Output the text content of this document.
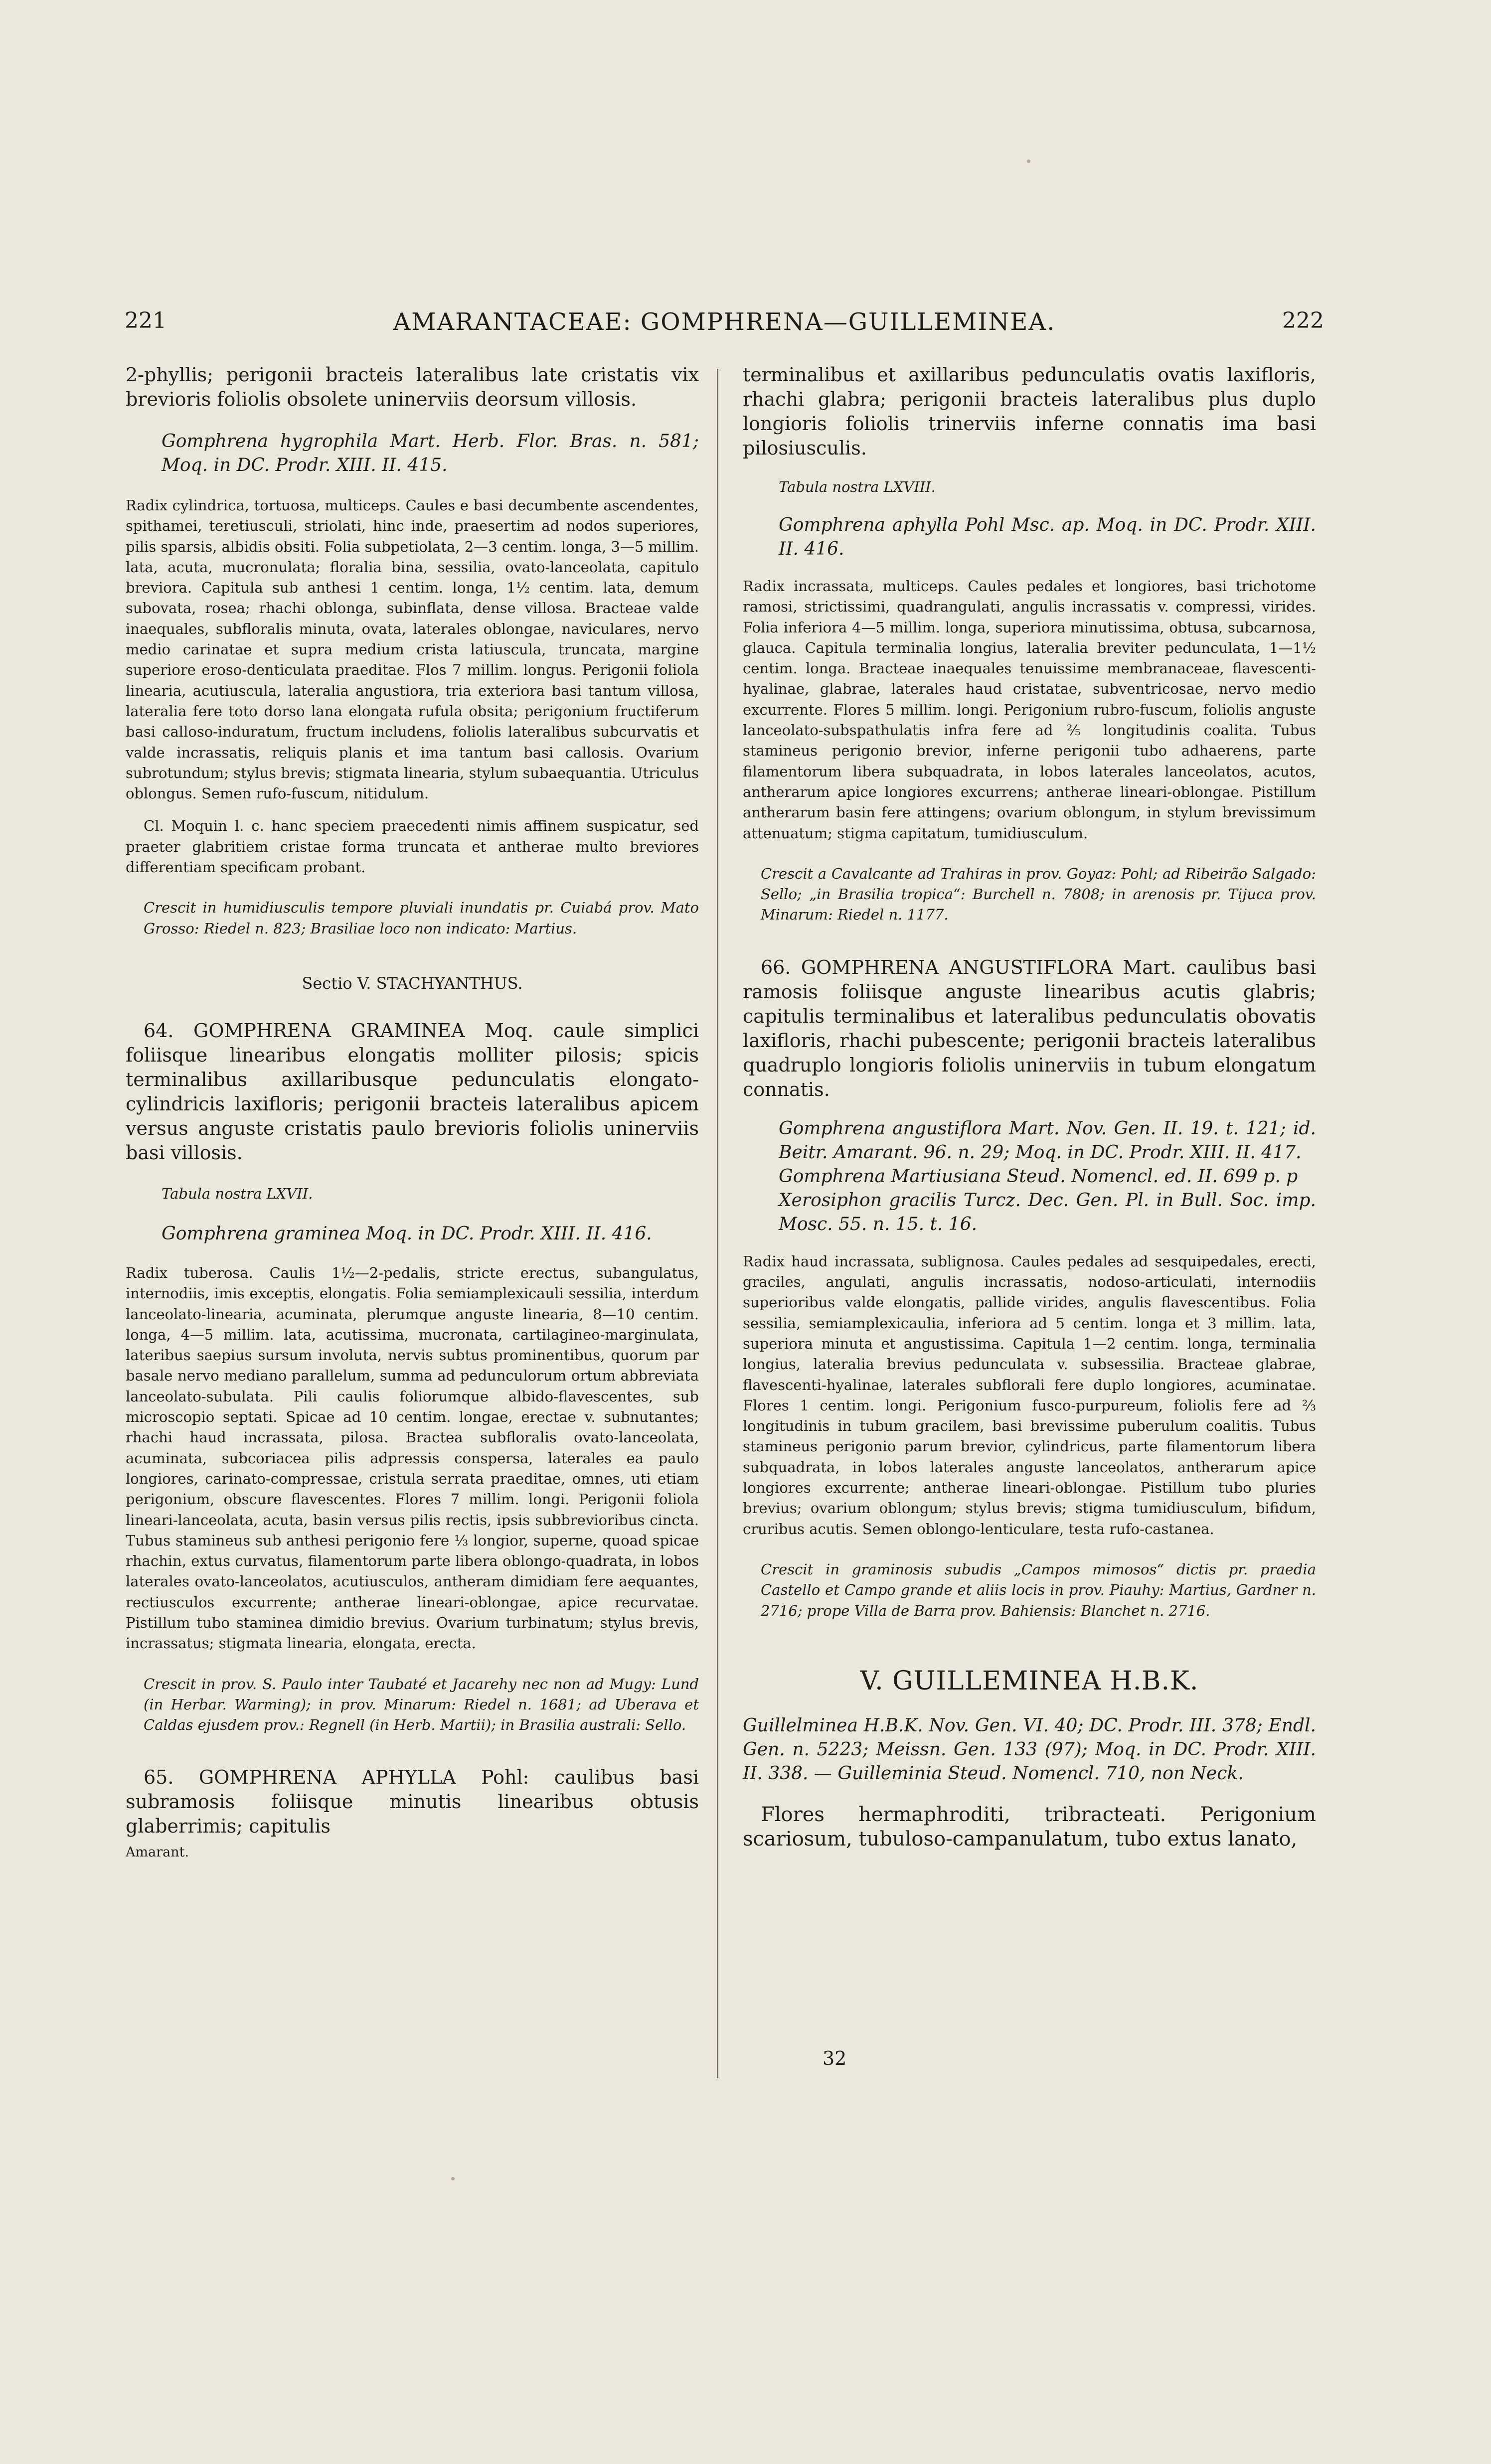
221	AMARANTACEAE: GOMPHRENA—GUILLEMINEA.	222

2-phyllis; perigonii bracteis lateralibus late cristatis vix brevioris foliolis obsolete uninerviis deorsum villosis.

Gomphrena hygrophila Mart. Herb. Flor. Bras. n. 581; Moq. in DC. Prodr. XIII. II. 415.

Radix cylindrica, tortuosa, multiceps. Caules e basi decumbente ascendentes, spithamei, teretiusculi, striolati, hinc inde, praesertim ad nodos superiores, pilis sparsis, albidis obsiti. Folia subpetiolata, 2—3 centim. longa, 3—5 millim. lata, acuta, mucronulata; floralia bina, sessilia, ovato-lanceolata, capitulo breviora. Capitula sub anthesi 1 centim. longa, 1½ centim. lata, demum subovata, rosea; rhachi oblonga, subinflata, dense villosa. Bracteae valde inaequales, subfloralis minuta, ovata, laterales oblongae, naviculares, nervo medio carinatae et supra medium crista latiuscula, truncata, margine superiore eroso-denticulata praeditae. Flos 7 millim. longus. Perigonii foliola linearia, acutiuscula, lateralia angustiora, tria exteriora basi tantum villosa, lateralia fere toto dorso lana elongata rufula obsita; perigonium fructiferum basi calloso-induratum, fructum includens, foliolis lateralibus subcurvatis et valde incrassatis, reliquis planis et ima tantum basi callosis. Ovarium subrotundum; stylus brevis; stigmata linearia, stylum subaequantia. Utriculus oblongus. Semen rufo-fuscum, nitidulum.

Cl. Moquin l. c. hanc speciem praecedenti nimis affinem suspicatur, sed praeter glabritiem cristae forma truncata et antherae multo breviores differentiam specificam probant.

Crescit in humidiusculis tempore pluviali inundatis pr. Cuiabá prov. Mato Grosso: Riedel n. 823; Brasiliae loco non indicato: Martius.

Sectio V. STACHYANTHUS.

64. GOMPHRENA GRAMINEA Moq. caule simplici foliisque linearibus elongatis molliter pilosis; spicis terminalibus axillaribusque pedunculatis elongato-cylindricis laxifloris; perigonii bracteis lateralibus apicem versus anguste cristatis paulo brevioris foliolis uninerviis basi villosis.

Tabula nostra LXVII.

Gomphrena graminea Moq. in DC. Prodr. XIII. II. 416.

Radix tuberosa. Caulis 1½—2-pedalis, stricte erectus, subangulatus, internodiis, imis exceptis, elongatis. Folia semiamplexicauli sessilia, interdum lanceolato-linearia, acuminata, plerumque anguste linearia, 8—10 centim. longa, 4—5 millim. lata, acutissima, mucronata, cartilagineo-marginulata, lateribus saepius sursum involuta, nervis subtus prominentibus, quorum par basale nervo mediano parallelum, summa ad pedunculorum ortum abbreviata lanceolato-subulata. Pili caulis foliorumque albido-flavescentes, sub microscopio septati. Spicae ad 10 centim. longae, erectae v. subnutantes; rhachi haud incrassata, pilosa. Bractea subfloralis ovato-lanceolata, acuminata, subcoriacea pilis adpressis conspersa, laterales ea paulo longiores, carinato-compressae, cristula serrata praeditae, omnes, uti etiam perigonium, obscure flavescentes. Flores 7 millim. longi. Perigonii foliola lineari-lanceolata, acuta, basin versus pilis rectis, ipsis subbrevioribus cincta. Tubus stamineus sub anthesi perigonio fere ⅓ longior, superne, quoad spicae rhachin, extus curvatus, filamentorum parte libera oblongo-quadrata, in lobos laterales ovato-lanceolatos, acutiusculos, antheram dimidiam fere aequantes, rectiusculos excurrente; antherae lineari-oblongae, apice recurvatae. Pistillum tubo staminea dimidio brevius. Ovarium turbinatum; stylus brevis, incrassatus; stigmata linearia, elongata, erecta.

Crescit in prov. S. Paulo inter Taubaté et Jacarehy nec non ad Mugy: Lund (in Herbar. Warming); in prov. Minarum: Riedel n. 1681; ad Uberava et Caldas ejusdem prov.: Regnell (in Herb. Martii); in Brasilia australi: Sello.

65. GOMPHRENA APHYLLA Pohl: caulibus basi subramosis foliisque minutis linearibus obtusis glaberrimis; capitulis

Amarant.

terminalibus et axillaribus pedunculatis ovatis laxifloris, rhachi glabra; perigonii bracteis lateralibus plus duplo longioris foliolis trinerviis inferne connatis ima basi pilosiusculis.

Tabula nostra LXVIII.

Gomphrena aphylla Pohl Msc. ap. Moq. in DC. Prodr. XIII. II. 416.

Radix incrassata, multiceps. Caules pedales et longiores, basi trichotome ramosi, strictissimi, quadrangulati, angulis incrassatis v. compressi, virides. Folia inferiora 4—5 millim. longa, superiora minutissima, obtusa, subcarnosa, glauca. Capitula terminalia longius, lateralia breviter pedunculata, 1—1½ centim. longa. Bracteae inaequales tenuissime membranaceae, flavescenti-hyalinae, glabrae, laterales haud cristatae, subventricosae, nervo medio excurrente. Flores 5 millim. longi. Perigonium rubro-fuscum, foliolis anguste lanceolato-subspathulatis infra fere ad ⅖ longitudinis coalita. Tubus stamineus perigonio brevior, inferne perigonii tubo adhaerens, parte filamentorum libera subquadrata, in lobos laterales lanceolatos, acutos, antherarum apice longiores excurrens; antherae lineari-oblongae. Pistillum antherarum basin fere attingens; ovarium oblongum, in stylum brevissimum attenuatum; stigma capitatum, tumidiusculum.

Crescit a Cavalcante ad Trahiras in prov. Goyaz: Pohl; ad Ribeirão Salgado: Sello; „in Brasilia tropica“: Burchell n. 7808; in arenosis pr. Tijuca prov. Minarum: Riedel n. 1177.

66. GOMPHRENA ANGUSTIFLORA Mart. caulibus basi ramosis foliisque anguste linearibus acutis glabris; capitulis terminalibus et lateralibus pedunculatis obovatis laxifloris, rhachi pubescente; perigonii bracteis lateralibus quadruplo longioris foliolis uninerviis in tubum elongatum connatis.

Gomphrena angustiflora Mart. Nov. Gen. II. 19. t. 121; id. Beitr. Amarant. 96. n. 29; Moq. in DC. Prodr. XIII. II. 417.

Gomphrena Martiusiana Steud. Nomencl. ed. II. 699 p. p

Xerosiphon gracilis Turcz. Dec. Gen. Pl. in Bull. Soc. imp. Mosc. 55. n. 15. t. 16.

Radix haud incrassata, sublignosa. Caules pedales ad sesquipedales, erecti, graciles, angulati, angulis incrassatis, nodoso-articulati, internodiis superioribus valde elongatis, pallide virides, angulis flavescentibus. Folia sessilia, semiamplexicaulia, inferiora ad 5 centim. longa et 3 millim. lata, superiora minuta et angustissima. Capitula 1—2 centim. longa, terminalia longius, lateralia brevius pedunculata v. subsessilia. Bracteae glabrae, flavescenti-hyalinae, laterales subflorali fere duplo longiores, acuminatae. Flores 1 centim. longi. Perigonium fusco-purpureum, foliolis fere ad ⅔ longitudinis in tubum gracilem, basi brevissime puberulum coalitis. Tubus stamineus perigonio parum brevior, cylindricus, parte filamentorum libera subquadrata, in lobos laterales anguste lanceolatos, antherarum apice longiores excurrente; antherae lineari-oblongae. Pistillum tubo pluries brevius; ovarium oblongum; stylus brevis; stigma tumidiusculum, bifidum, cruribus acutis. Semen oblongo-lenticulare, testa rufo-castanea.

Crescit in graminosis subudis „Campos mimosos“ dictis pr. praedia Castello et Campo grande et aliis locis in prov. Piauhy: Martius, Gardner n. 2716; prope Villa de Barra prov. Bahiensis: Blanchet n. 2716.

V. GUILLEMINEA H.B.K.

Guillelminea H.B.K. Nov. Gen. VI. 40; DC. Prodr. III. 378; Endl. Gen. n. 5223; Meissn. Gen. 133 (97); Moq. in DC. Prodr. XIII. II. 338. — Guilleminia Steud. Nomencl. 710, non Neck.

Flores hermaphroditi, tribracteati. Perigonium scariosum, tubuloso-campanulatum, tubo extus lanato,

32
